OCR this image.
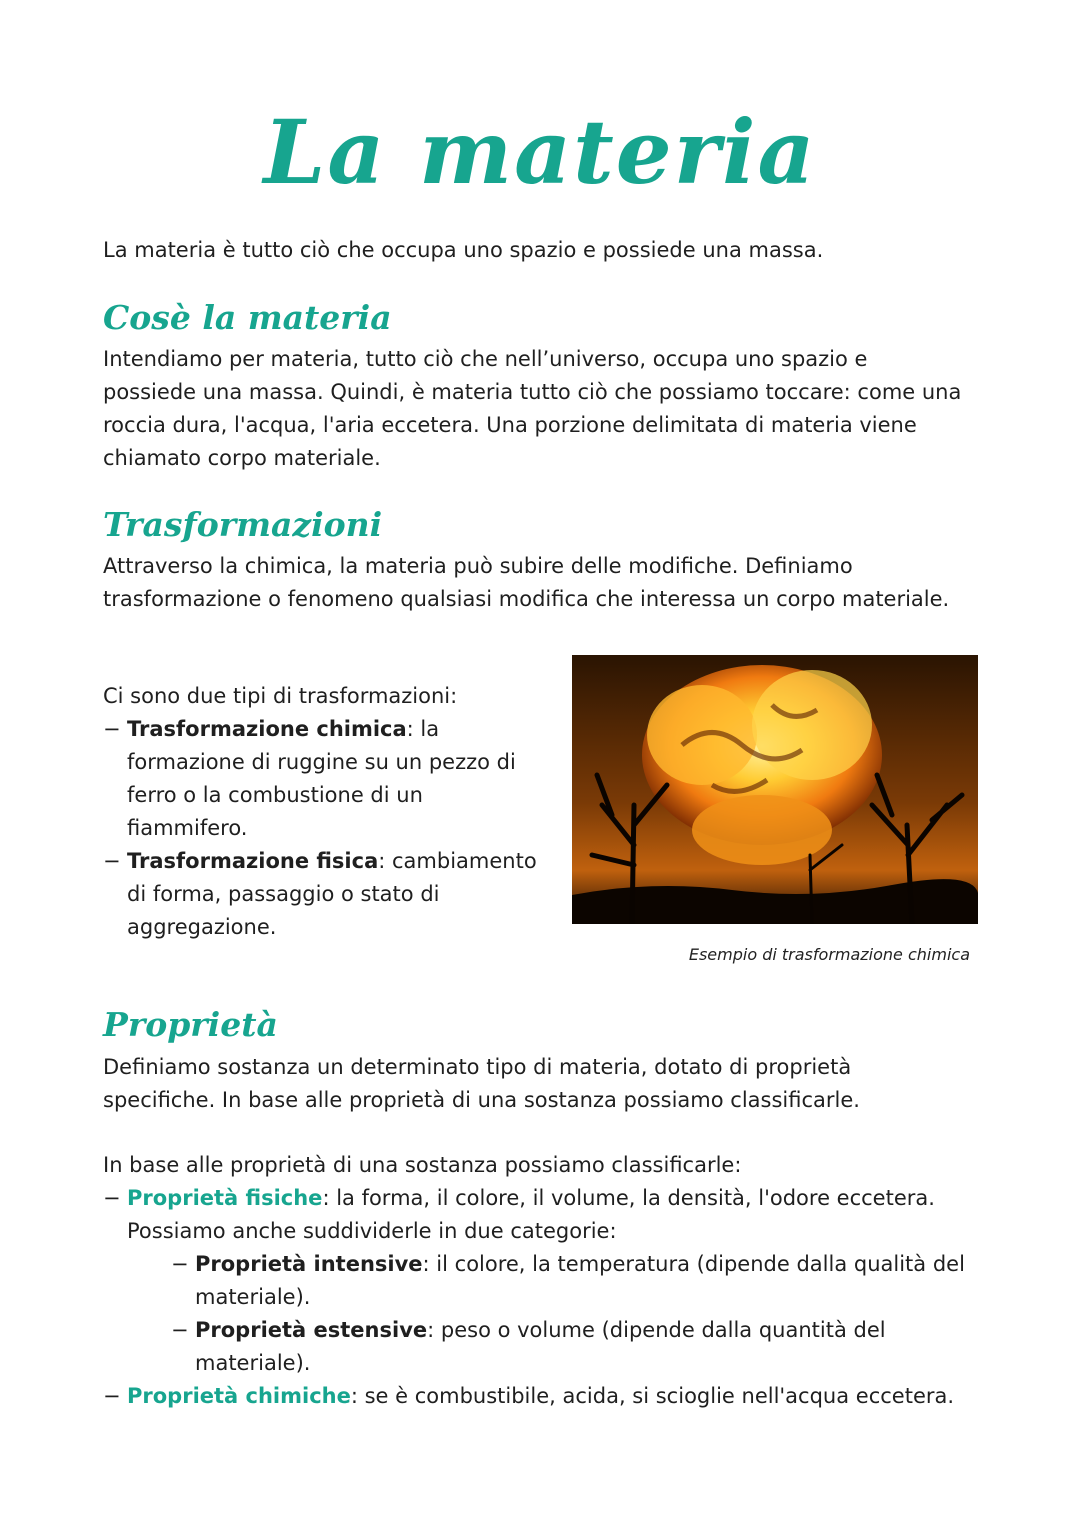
La materia

La materia è tutto ciò che occupa uno spazio e possiede una massa.

Cosè la materia

Intendiamo per materia, tutto ciò che nell’universo, occupa uno spazio e possiede una massa. Quindi, è materia tutto ciò che possiamo toccare: come una roccia dura, l'acqua, l'aria eccetera. Una porzione delimitata di materia viene chiamato corpo materiale.

Trasformazioni

Attraverso la chimica, la materia può subire delle modifiche. Definiamo trasformazione o fenomeno qualsiasi modifica che interessa un corpo materiale.

Ci sono due tipi di trasformazioni:

− Trasformazione chimica: la formazione di ruggine su un pezzo di ferro o la combustione di un fiammifero.
− Trasformazione fisica: cambiamento di forma, passaggio o stato di aggregazione.
Esempio di trasformazione chimica
Proprietà

Definiamo sostanza un determinato tipo di materia, dotato di proprietà specifiche. In base alle proprietà di una sostanza possiamo classificarle.

In base alle proprietà di una sostanza possiamo classificarle:

− Proprietà fisiche: la forma, il colore, il volume, la densità, l'odore eccetera. Possiamo anche suddividerle in due categorie:
− Proprietà intensive: il colore, la temperatura (dipende dalla qualità del materiale).
− Proprietà estensive: peso o volume (dipende dalla quantità del materiale).
− Proprietà chimiche: se è combustibile, acida, si scioglie nell'acqua eccetera.
